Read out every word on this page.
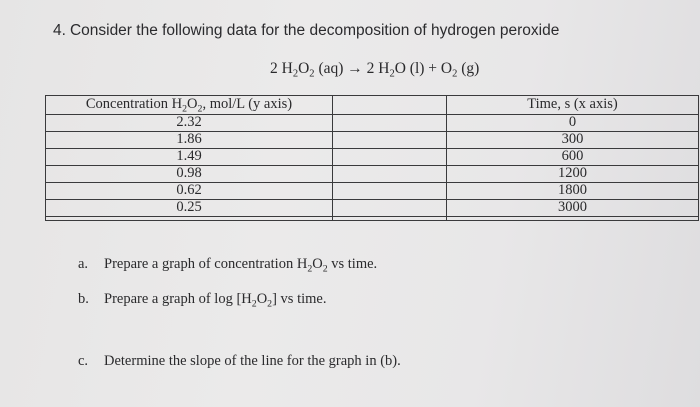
4. Consider the following data for the decomposition of hydrogen peroxide
2 $H_2O_2$ (aq) → 2 $H_2O$ $(l) + O_2$ (g)
Concentration $H_2O_2$, mol/L (y axis)		Time, s (x axis)
2.32		0
1.86		300
1.49		600
0.98		1200
0.62		1800
0.25		3000

a. Prepare a graph of concentration $H_2O_2$ vs time.
b. Prepare a graph of $\log [H_2O_2]$ vs time.
c. Determine the slope of the line for the graph in (b).
